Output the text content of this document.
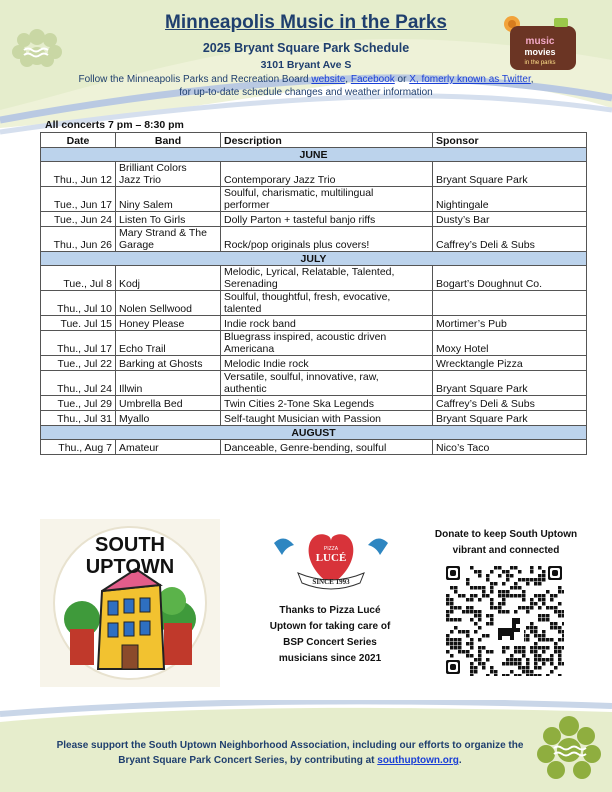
music
movies
in the parks
Minneapolis Music in the Parks
2025 Bryant Square Park Schedule
3101 Bryant Ave S
Follow the Minneapolis Parks and Recreation Board website, Facebook or X, fomerly known as Twitter,
for up-to-date schedule changes and weather information
All concerts 7 pm – 8:30 pm
Date	Band	Description	Sponsor
JUNE			
Thu., Jun 12	Brilliant Colors
Jazz Trio	Contemporary Jazz Trio	Bryant Square Park
Tue., Jun 17	Niny Salem	Soulful, charismatic, multilingual
performer	Nightingale
Tue., Jun 24	Listen To Girls	Dolly Parton + tasteful banjo riffs	Dusty’s Bar
Thu., Jun 26	Mary Strand & The
Garage	Rock/pop originals plus covers!	Caffrey’s Deli & Subs
JULY			
Tue., Jul 8	Kodj	Melodic, Lyrical, Relatable, Talented,
Serenading	Bogart’s Doughnut Co.
Thu., Jul 10	Nolen Sellwood	Soulful, thoughtful, fresh, evocative,
talented	

Tue. Jul 15	Honey Please	Indie rock band	Mortimer’s Pub
Thu., Jul 17	Echo Trail	Bluegrass inspired, acoustic driven
Americana	Moxy Hotel
Tue., Jul 22	Barking at Ghosts	Melodic Indie rock	Wrecktangle Pizza
Thu., Jul 24	Illwin	Versatile, soulful, innovative, raw,
authentic	Bryant Square Park
Tue., Jul 29	Umbrella Bed	Twin Cities 2-Tone Ska Legends	Caffrey’s Deli & Subs
Thu., Jul 31	Myallo	Self-taught Musician with Passion	Bryant Square Park
AUGUST			
Thu., Aug 7	Amateur	Danceable, Genre-bending, soulful	Nico’s Taco
SOUTH
UPTOWN
PIZZA
LUCÉ
SINCE 1993
Thanks to Pizza Lucé
Uptown for taking care of
BSP Concert Series
musicians since 2021
Donate to keep South Uptown
vibrant and connected
Please support the South Uptown Neighborhood Association, including our efforts to organize the
Bryant Square Park Concert Series, by contributing at southuptown.org.
